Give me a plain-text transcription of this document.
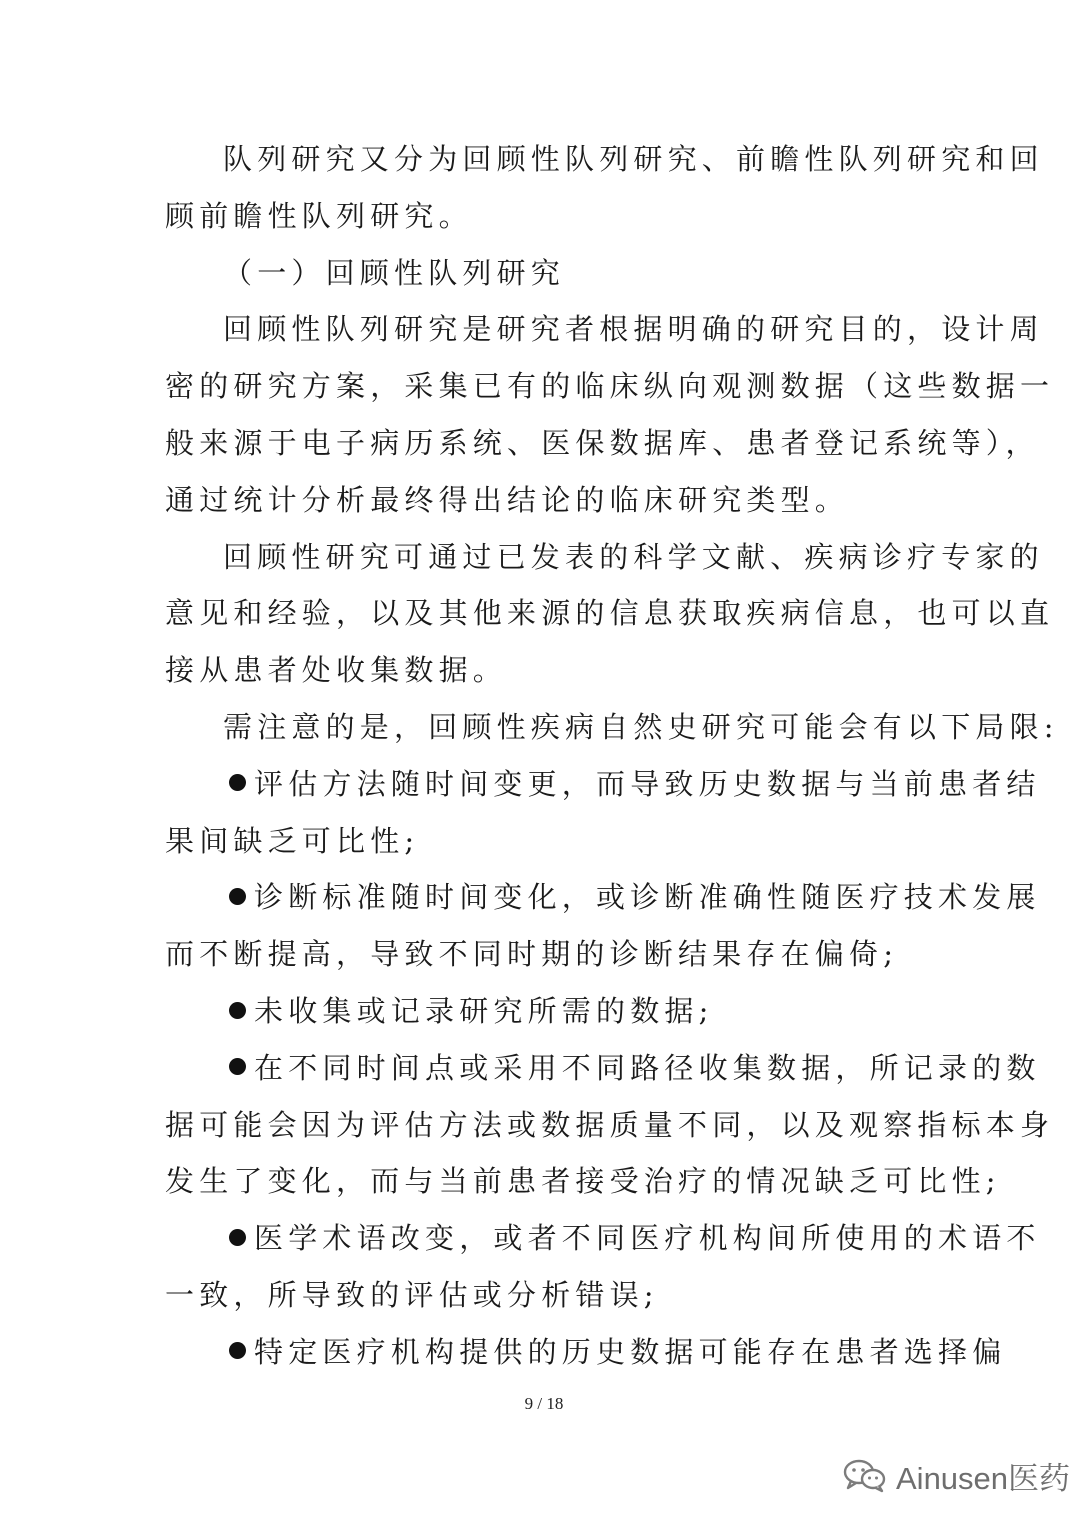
队列研究又分为回顾性队列研究、前瞻性队列研究和回
顾前瞻性队列研究。
（一）回顾性队列研究
回顾性队列研究是研究者根据明确的研究目的，设计周
密的研究方案，采集已有的临床纵向观测数据（这些数据一
般来源于电子病历系统、医保数据库、患者登记系统等），
通过统计分析最终得出结论的临床研究类型。
回顾性研究可通过已发表的科学文献、疾病诊疗专家的
意见和经验，以及其他来源的信息获取疾病信息，也可以直
接从患者处收集数据。
需注意的是，回顾性疾病自然史研究可能会有以下局限:
评估方法随时间变更，而导致历史数据与当前患者结
果间缺乏可比性;
诊断标准随时间变化，或诊断准确性随医疗技术发展
而不断提高，导致不同时期的诊断结果存在偏倚;
未收集或记录研究所需的数据;
在不同时间点或采用不同路径收集数据，所记录的数
据可能会因为评估方法或数据质量不同，以及观察指标本身
发生了变化，而与当前患者接受治疗的情况缺乏可比性;
医学术语改变，或者不同医疗机构间所使用的术语不
一致，所导致的评估或分析错误;
特定医疗机构提供的历史数据可能存在患者选择偏
9 / 18
Ainusen医药
